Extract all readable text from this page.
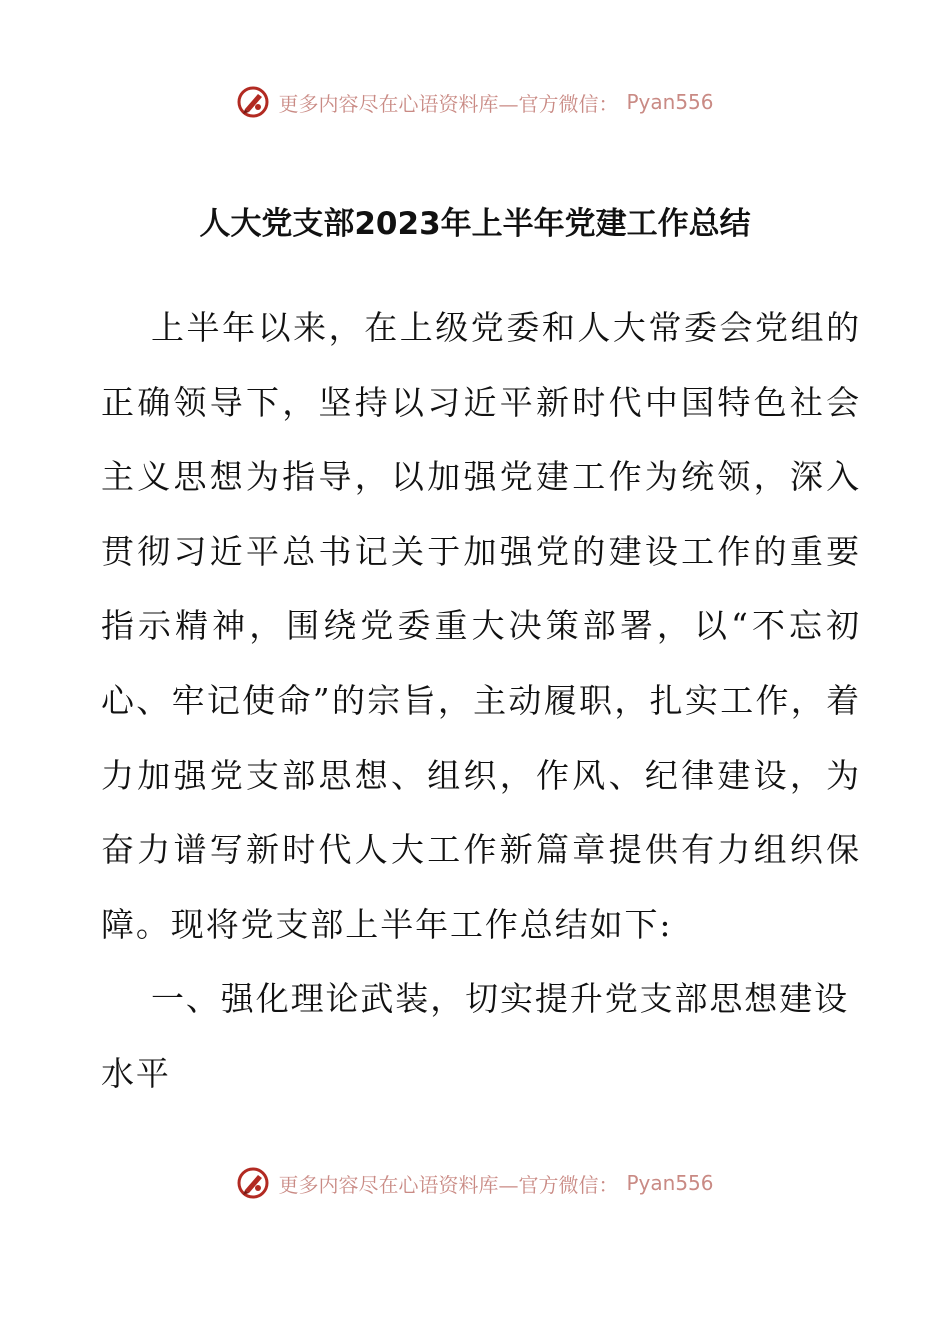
更多内容尽在心语资料库—官方微信： Pyan556
人大党支部2023年上半年党建工作总结

上半年以来，在上级党委和人大常委会党组的正确领导下，坚持以习近平新时代中国特色社会主义思想为指导，以加强党建工作为统领，深入贯彻习近平总书记关于加强党的建设工作的重要指示精神，围绕党委重大决策部署，以“不忘初心、牢记使命”的宗旨，主动履职，扎实工作，着力加强党支部思想、组织，作风、纪律建设，为奋力谱写新时代人大工作新篇章提供有力组织保障。现将党支部上半年工作总结如下:

一、强化理论武装，切实提升党支部思想建设水平

更多内容尽在心语资料库—官方微信： Pyan556
